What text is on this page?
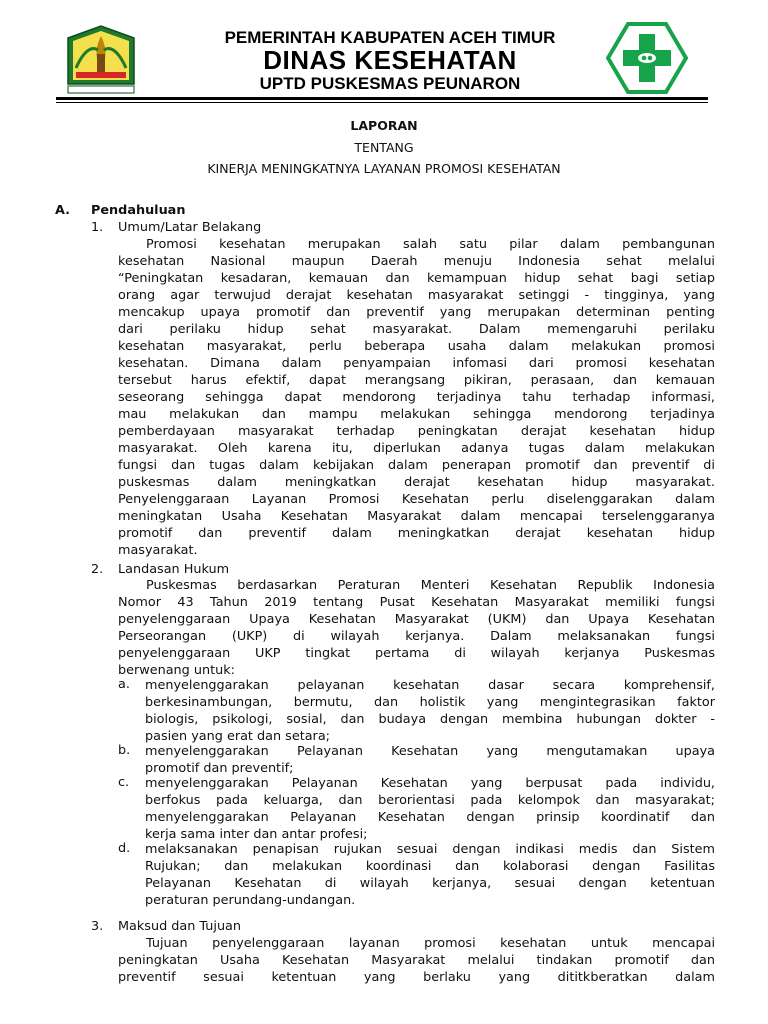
PEMERINTAH KABUPATEN ACEH TIMUR
DINAS KESEHATAN
UPTD PUSKESMAS PEUNARON
LAPORAN
TENTANG
KINERJA MENINGKATNYA LAYANAN PROMOSI KESEHATAN
A. Pendahuluan
1. Umum/Latar Belakang
Promosi kesehatan merupakan salah satu pilar dalam pembangunan
kesehatan Nasional maupun Daerah menuju Indonesia sehat melalui
“Peningkatan kesadaran, kemauan dan kemampuan hidup sehat bagi setiap
orang agar terwujud derajat kesehatan masyarakat setinggi - tingginya, yang
mencakup upaya promotif dan preventif yang merupakan determinan penting
dari perilaku hidup sehat masyarakat. Dalam memengaruhi perilaku
kesehatan masyarakat, perlu beberapa usaha dalam melakukan promosi
kesehatan. Dimana dalam penyampaian infomasi dari promosi kesehatan
tersebut harus efektif, dapat merangsang pikiran, perasaan, dan kemauan
seseorang sehingga dapat mendorong terjadinya tahu terhadap informasi,
mau melakukan dan mampu melakukan sehingga mendorong terjadinya
pemberdayaan masyarakat terhadap peningkatan derajat kesehatan hidup
masyarakat. Oleh karena itu, diperlukan adanya tugas dalam melakukan
fungsi dan tugas dalam kebijakan dalam penerapan promotif dan preventif di
puskesmas dalam meningkatkan derajat kesehatan hidup masyarakat.
Penyelenggaraan Layanan Promosi Kesehatan perlu diselenggarakan dalam
meningkatan Usaha Kesehatan Masyarakat dalam mencapai terselenggaranya
promotif dan preventif dalam meningkatkan derajat kesehatan hidup
masyarakat.
2. Landasan Hukum
Puskesmas berdasarkan Peraturan Menteri Kesehatan Republik Indonesia
Nomor 43 Tahun 2019 tentang Pusat Kesehatan Masyarakat memiliki fungsi
penyelenggaraan Upaya Kesehatan Masyarakat (UKM) dan Upaya Kesehatan
Perseorangan (UKP) di wilayah kerjanya. Dalam melaksanakan fungsi
penyelenggaraan UKP tingkat pertama di wilayah kerjanya Puskesmas
berwenang untuk:
a. menyelenggarakan pelayanan kesehatan dasar secara komprehensif,
berkesinambungan, bermutu, dan holistik yang mengintegrasikan faktor
biologis, psikologi, sosial, dan budaya dengan membina hubungan dokter -
pasien yang erat dan setara;
b. menyelenggarakan Pelayanan Kesehatan yang mengutamakan upaya
promotif dan preventif;
c. menyelenggarakan Pelayanan Kesehatan yang berpusat pada individu,
berfokus pada keluarga, dan berorientasi pada kelompok dan masyarakat;
menyelenggarakan Pelayanan Kesehatan dengan prinsip koordinatif dan
kerja sama inter dan antar profesi;
d. melaksanakan penapisan rujukan sesuai dengan indikasi medis dan Sistem
Rujukan; dan melakukan koordinasi dan kolaborasi dengan Fasilitas
Pelayanan Kesehatan di wilayah kerjanya, sesuai dengan ketentuan
peraturan perundang-undangan.
3. Maksud dan Tujuan
Tujuan penyelenggaraan layanan promosi kesehatan untuk mencapai
peningkatan Usaha Kesehatan Masyarakat melalui tindakan promotif dan
preventif sesuai ketentuan yang berlaku yang dititkberatkan dalam
